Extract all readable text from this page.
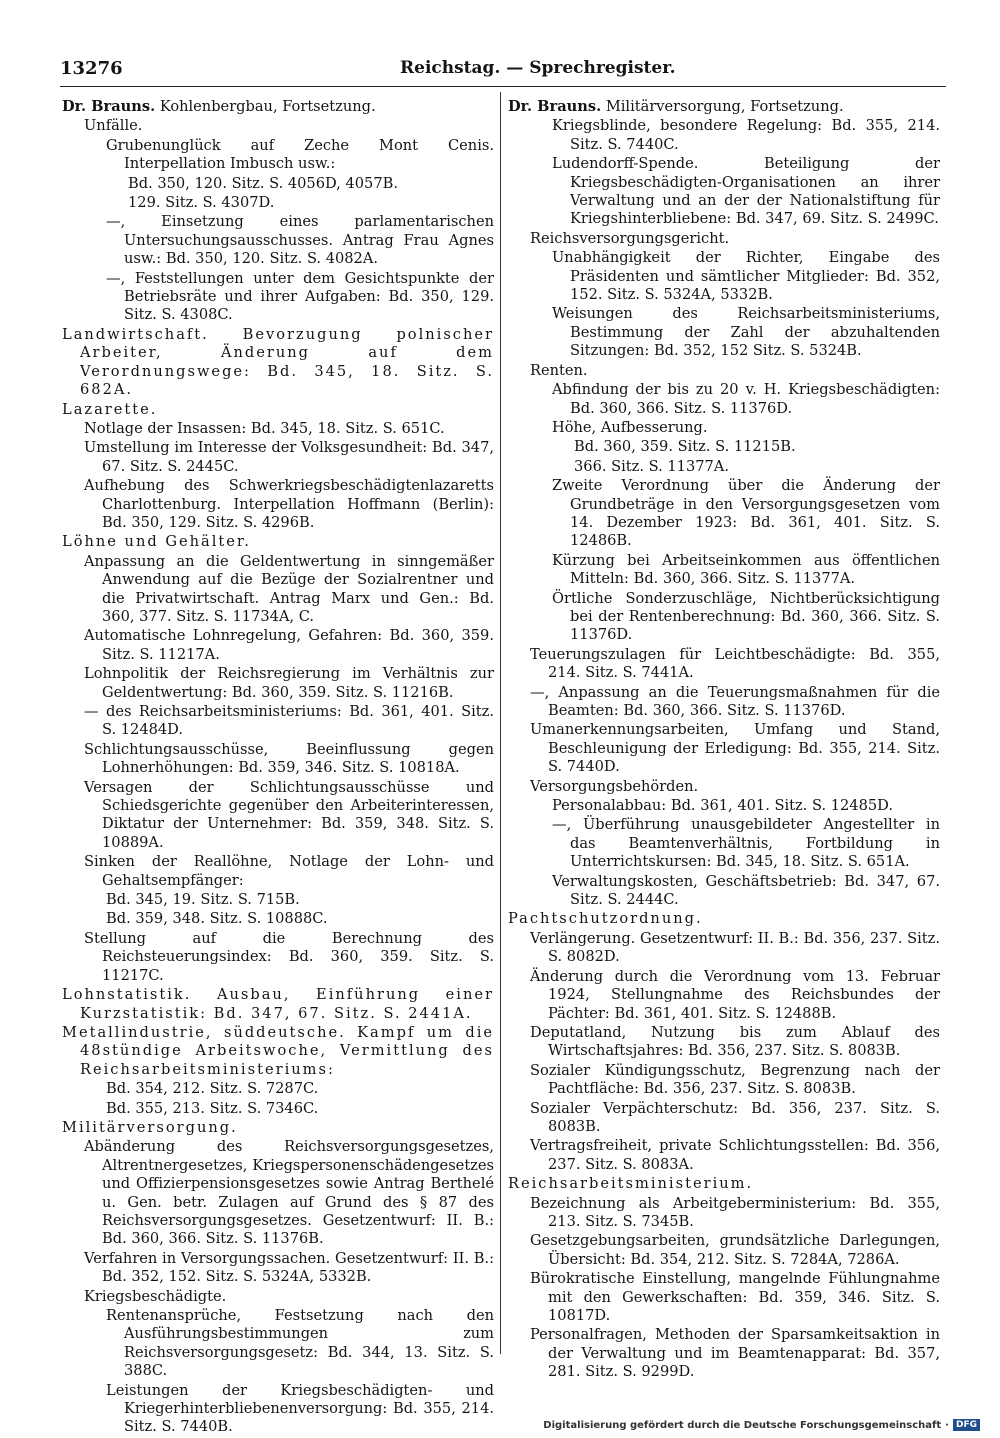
13276	Reichstag. — Sprechregister.
Dr. Brauns. Kohlenbergbau, Fortsetzung.
Unfälle.
Grubenunglück auf Zeche Mont Cenis. Interpellation Imbusch usw.:
Bd. 350, 120. Sitz. S. 4056D, 4057B.
129. Sitz. S. 4307D.
—, Einsetzung eines parlamentarischen Untersuchungsausschusses. Antrag Frau Agnes usw.: Bd. 350, 120. Sitz. S. 4082A.
—, Feststellungen unter dem Gesichtspunkte der Betriebsräte und ihrer Aufgaben: Bd. 350, 129. Sitz. S. 4308C.
Landwirtschaft. Bevorzugung polnischer Arbeiter, Änderung auf dem Verordnungswege: Bd. 345, 18. Sitz. S. 682A.
Lazarette.
Notlage der Insassen: Bd. 345, 18. Sitz. S. 651C.
Umstellung im Interesse der Volksgesundheit: Bd. 347, 67. Sitz. S. 2445C.
Aufhebung des Schwerkriegsbeschädigtenlazaretts Charlottenburg. Interpellation Hoffmann (Berlin): Bd. 350, 129. Sitz. S. 4296B.
Löhne und Gehälter.
Anpassung an die Geldentwertung in sinngemäßer Anwendung auf die Bezüge der Sozialrentner und die Privatwirtschaft. Antrag Marx und Gen.: Bd. 360, 377. Sitz. S. 11734A, C.
Automatische Lohnregelung, Gefahren: Bd. 360, 359. Sitz. S. 11217A.
Lohnpolitik der Reichsregierung im Verhältnis zur Geldentwertung: Bd. 360, 359. Sitz. S. 11216B.
— des Reichsarbeitsministeriums: Bd. 361, 401. Sitz. S. 12484D.
Schlichtungsausschüsse, Beeinflussung gegen Lohnerhöhungen: Bd. 359, 346. Sitz. S. 10818A.
Versagen der Schlichtungsausschüsse und Schiedsgerichte gegenüber den Arbeiterinteressen, Diktatur der Unternehmer: Bd. 359, 348. Sitz. S. 10889A.
Sinken der Reallöhne, Notlage der Lohn- und Gehaltsempfänger:
Bd. 345, 19. Sitz. S. 715B.
Bd. 359, 348. Sitz. S. 10888C.
Stellung auf die Berechnung des Reichsteuerungsindex: Bd. 360, 359. Sitz. S. 11217C.
Lohnstatistik. Ausbau, Einführung einer Kurzstatistik: Bd. 347, 67. Sitz. S. 2441A.
Metallindustrie, süddeutsche. Kampf um die 48stündige Arbeitswoche, Vermittlung des Reichsarbeitsministeriums:
Bd. 354, 212. Sitz. S. 7287C.
Bd. 355, 213. Sitz. S. 7346C.
Militärversorgung.
Abänderung des Reichsversorgungsgesetzes, Altrentnergesetzes, Kriegspersonenschädengesetzes und Offizierpensionsgesetzes sowie Antrag Berthelé u. Gen. betr. Zulagen auf Grund des § 87 des Reichsversorgungsgesetzes. Gesetzentwurf: II. B.: Bd. 360, 366. Sitz. S. 11376B.
Verfahren in Versorgungssachen. Gesetzentwurf: II. B.: Bd. 352, 152. Sitz. S. 5324A, 5332B.
Kriegsbeschädigte.
Rentenansprüche, Festsetzung nach den Ausführungsbestimmungen zum Reichsversorgungsgesetz: Bd. 344, 13. Sitz. S. 388C.
Leistungen der Kriegsbeschädigten- und Kriegerhinterbliebenenversorgung: Bd. 355, 214. Sitz. S. 7440B.
Dr. Brauns. Militärversorgung, Fortsetzung.
Kriegsblinde, besondere Regelung: Bd. 355, 214. Sitz. S. 7440C.
Ludendorff-Spende. Beteiligung der Kriegsbeschädigten-Organisationen an ihrer Verwaltung und an der der Nationalstiftung für Kriegshinterbliebene: Bd. 347, 69. Sitz. S. 2499C.
Reichsversorgungsgericht.
Unabhängigkeit der Richter, Eingabe des Präsidenten und sämtlicher Mitglieder: Bd. 352, 152. Sitz. S. 5324A, 5332B.
Weisungen des Reichsarbeitsministeriums, Bestimmung der Zahl der abzuhaltenden Sitzungen: Bd. 352, 152 Sitz. S. 5324B.
Renten.
Abfindung der bis zu 20 v. H. Kriegsbeschädigten: Bd. 360, 366. Sitz. S. 11376D.
Höhe, Aufbesserung.
Bd. 360, 359. Sitz. S. 11215B.
366. Sitz. S. 11377A.
Zweite Verordnung über die Änderung der Grundbeträge in den Versorgungsgesetzen vom 14. Dezember 1923: Bd. 361, 401. Sitz. S. 12486B.
Kürzung bei Arbeitseinkommen aus öffentlichen Mitteln: Bd. 360, 366. Sitz. S. 11377A.
Örtliche Sonderzuschläge, Nichtberücksichtigung bei der Rentenberechnung: Bd. 360, 366. Sitz. S. 11376D.
Teuerungszulagen für Leichtbeschädigte: Bd. 355, 214. Sitz. S. 7441A.
—, Anpassung an die Teuerungsmaßnahmen für die Beamten: Bd. 360, 366. Sitz. S. 11376D.
Umanerkennungsarbeiten, Umfang und Stand, Beschleunigung der Erledigung: Bd. 355, 214. Sitz. S. 7440D.
Versorgungsbehörden.
Personalabbau: Bd. 361, 401. Sitz. S. 12485D.
—, Überführung unausgebildeter Angestellter in das Beamtenverhältnis, Fortbildung in Unterrichtskursen: Bd. 345, 18. Sitz. S. 651A.
Verwaltungskosten, Geschäftsbetrieb: Bd. 347, 67. Sitz. S. 2444C.
Pachtschutzordnung.
Verlängerung. Gesetzentwurf: II. B.: Bd. 356, 237. Sitz. S. 8082D.
Änderung durch die Verordnung vom 13. Februar 1924, Stellungnahme des Reichsbundes der Pächter: Bd. 361, 401. Sitz. S. 12488B.
Deputatland, Nutzung bis zum Ablauf des Wirtschaftsjahres: Bd. 356, 237. Sitz. S. 8083B.
Sozialer Kündigungsschutz, Begrenzung nach der Pachtfläche: Bd. 356, 237. Sitz. S. 8083B.
Sozialer Verpächterschutz: Bd. 356, 237. Sitz. S. 8083B.
Vertragsfreiheit, private Schlichtungsstellen: Bd. 356, 237. Sitz. S. 8083A.
Reichsarbeitsministerium.
Bezeichnung als Arbeitgeberministerium: Bd. 355, 213. Sitz. S. 7345B.
Gesetzgebungsarbeiten, grundsätzliche Darlegungen, Übersicht: Bd. 354, 212. Sitz. S. 7284A, 7286A.
Bürokratische Einstellung, mangelnde Fühlungnahme mit den Gewerkschaften: Bd. 359, 346. Sitz. S. 10817D.
Personalfragen, Methoden der Sparsamkeitsaktion in der Verwaltung und im Beamtenapparat: Bd. 357, 281. Sitz. S. 9299D.
Digitalisierung gefördert durch die Deutsche Forschungsgemeinschaft · DFG
